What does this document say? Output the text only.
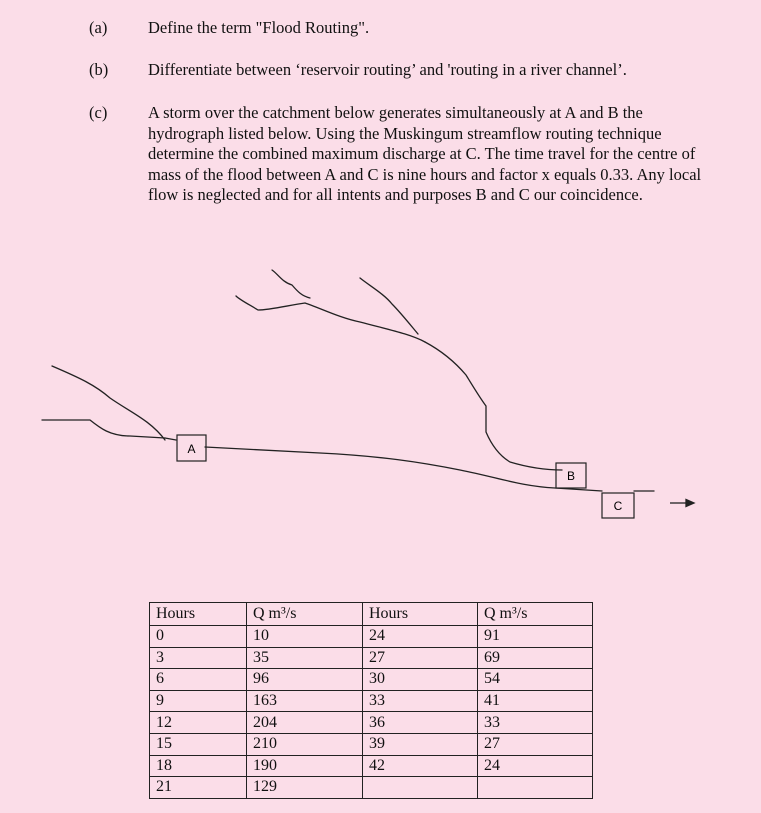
(a) Define the term "Flood Routing".
(b) Differentiate between ‘reservoir routing’ and 'routing in a river channel’.
(c) A storm over the catchment below generates simultaneously at A and B the hydrograph listed below. Using the Muskingum streamflow routing technique determine the combined maximum discharge at C. The time travel for the centre of mass of the flood between A and C is nine hours and factor x equals 0.33. Any local flow is neglected and for all intents and purposes B and C our coincidence.
A
B
C
Hours	Q m³/s	Hours	Q m³/s
0	10	24	91
3	35	27	69
6	96	30	54
9	163	33	41
12	204	36	33
15	210	39	27
18	190	42	24
21	129		
